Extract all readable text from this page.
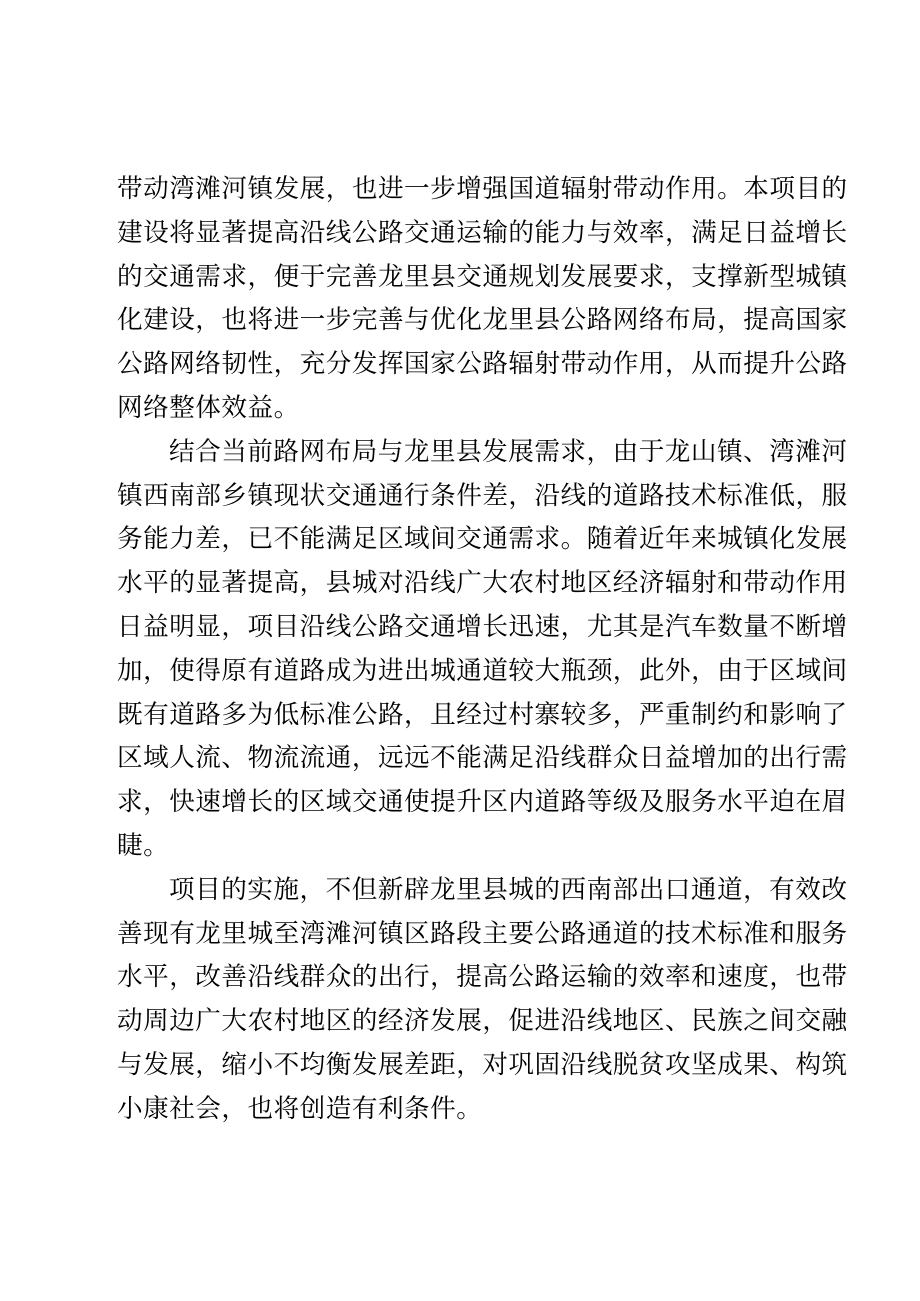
带动湾滩河镇发展，也进一步增强国道辐射带动作用。本项目的
建设将显著提高沿线公路交通运输的能力与效率，满足日益增长
的交通需求，便于完善龙里县交通规划发展要求，支撑新型城镇
化建设，也将进一步完善与优化龙里县公路网络布局，提高国家
公路网络韧性，充分发挥国家公路辐射带动作用，从而提升公路
网络整体效益。
结合当前路网布局与龙里县发展需求，由于龙山镇、湾滩河
镇西南部乡镇现状交通通行条件差，沿线的道路技术标准低，服
务能力差，已不能满足区域间交通需求。随着近年来城镇化发展
水平的显著提高，县城对沿线广大农村地区经济辐射和带动作用
日益明显，项目沿线公路交通增长迅速，尤其是汽车数量不断增
加，使得原有道路成为进出城通道较大瓶颈，此外，由于区域间
既有道路多为低标准公路，且经过村寨较多，严重制约和影响了
区域人流、物流流通，远远不能满足沿线群众日益增加的出行需
求，快速增长的区域交通使提升区内道路等级及服务水平迫在眉
睫。
项目的实施，不但新辟龙里县城的西南部出口通道，有效改
善现有龙里城至湾滩河镇区路段主要公路通道的技术标准和服务
水平，改善沿线群众的出行，提高公路运输的效率和速度，也带
动周边广大农村地区的经济发展，促进沿线地区、民族之间交融
与发展，缩小不均衡发展差距，对巩固沿线脱贫攻坚成果、构筑
小康社会，也将创造有利条件。
